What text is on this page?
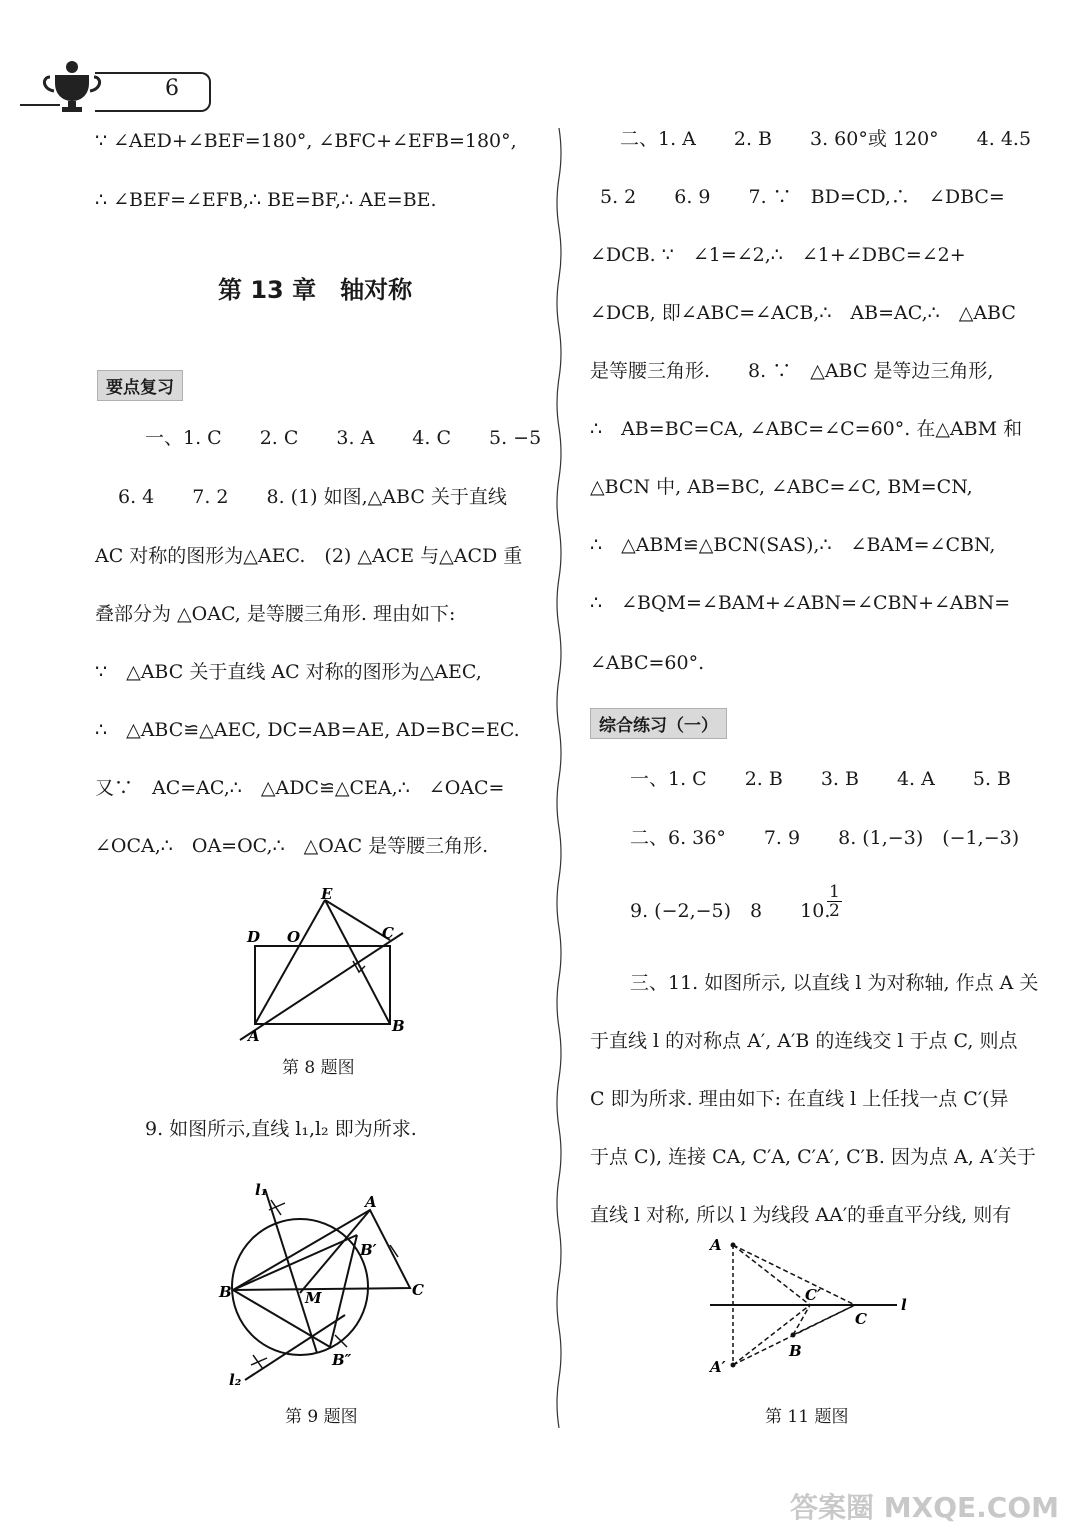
6
∵ ∠AED+∠BEF=180°, ∠BFC+∠EFB=180°,
∴ ∠BEF=∠EFB,∴ BE=BF,∴ AE=BE.
第 13 章　轴对称
要点复习
一、1. C　　2. C　　3. A　　4. C　　5. −5
6. 4　　7. 2　　8. (1) 如图,△ABC 关于直线
AC 对称的图形为△AEC.　(2) △ACE 与△ACD 重
叠部分为 △OAC, 是等腰三角形. 理由如下:
∵　△ABC 关于直线 AC 对称的图形为△AEC,
∴　△ABC≌△AEC, DC=AB=AE, AD=BC=EC.
又∵　AC=AC,∴　△ADC≌△CEA,∴　∠OAC=
∠OCA,∴　OA=OC,∴　△OAC 是等腰三角形.
E
D O	C
A
B
第 8 题图
9. 如图所示,直线 l₁,l₂ 即为所求.
l₁
A
B′
B	M	C
B″
l₂
第 9 题图
二、1. A　　2. B　　3. 60°或 120°　　4. 4.5
5. 2　　6. 9　　7. ∵　BD=CD,∴　∠DBC=
∠DCB. ∵　∠1=∠2,∴　∠1+∠DBC=∠2+
∠DCB, 即∠ABC=∠ACB,∴　AB=AC,∴　△ABC
是等腰三角形.　　8. ∵　△ABC 是等边三角形,
∴　AB=BC=CA, ∠ABC=∠C=60°. 在△ABM 和
△BCN 中, AB=BC, ∠ABC=∠C, BM=CN,
∴　△ABM≌△BCN(SAS),∴　∠BAM=∠CBN,
∴　∠BQM=∠BAM+∠ABN=∠CBN+∠ABN=
∠ABC=60°.
综合练习（一）
一、1. C　　2. B　　3. B　　4. A　　5. B
二、6. 36°　　7. 9　　8. (1,−3)　(−1,−3)
9. (−2,−5)　8　　10.
$\frac{1}{2}$
三、11. 如图所示, 以直线 l 为对称轴, 作点 A 关
于直线 l 的对称点 A′, A′B 的连线交 l 于点 C, 则点
C 即为所求. 理由如下: 在直线 l 上任找一点 C′(异
于点 C), 连接 CA, C′A, C′A′, C′B. 因为点 A, A′关于
直线 l 对称, 所以 l 为线段 AA′的垂直平分线, 则有
A
C′
l
C
B
A′
第 11 题图
答案圈 MXQE.COM
